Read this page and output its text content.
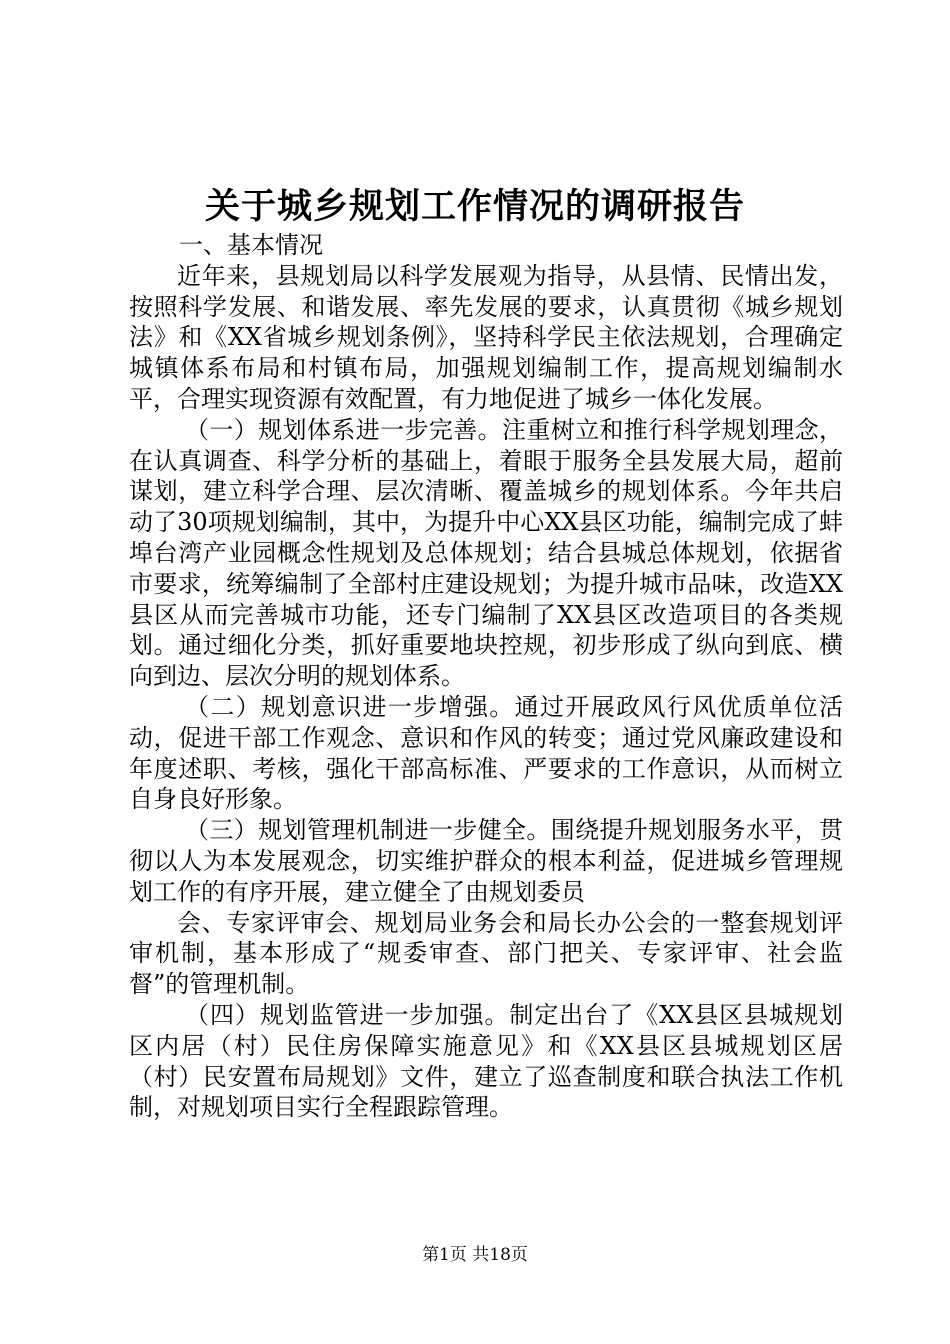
关于城乡规划工作情况的调研报告

一、基本情况

近年来，县规划局以科学发展观为指导，从县情、民情出发，按照科学发展、和谐发展、率先发展的要求，认真贯彻《城乡规划法》和《XX省城乡规划条例》，坚持科学民主依法规划，合理确定城镇体系布局和村镇布局，加强规划编制工作，提高规划编制水平，合理实现资源有效配置，有力地促进了城乡一体化发展。

（一）规划体系进一步完善。注重树立和推行科学规划理念，在认真调查、科学分析的基础上，着眼于服务全县发展大局，超前谋划，建立科学合理、层次清晰、覆盖城乡的规划体系。今年共启动了30项规划编制，其中，为提升中心XX县区功能，编制完成了蚌埠台湾产业园概念性规划及总体规划；结合县城总体规划，依据省市要求，统筹编制了全部村庄建设规划；为提升城市品味，改造XX县区从而完善城市功能，还专门编制了XX县区改造项目的各类规划。通过细化分类，抓好重要地块控规，初步形成了纵向到底、横向到边、层次分明的规划体系。

（二）规划意识进一步增强。通过开展政风行风优质单位活动，促进干部工作观念、意识和作风的转变；通过党风廉政建设和年度述职、考核，强化干部高标准、严要求的工作意识，从而树立自身良好形象。

（三）规划管理机制进一步健全。围绕提升规划服务水平，贯彻以人为本发展观念，切实维护群众的根本利益，促进城乡管理规划工作的有序开展，建立健全了由规划委员

会、专家评审会、规划局业务会和局长办公会的一整套规划评审机制，基本形成了“规委审查、部门把关、专家评审、社会监督”的管理机制。

（四）规划监管进一步加强。制定出台了《XX县区县城规划区内居（村）民住房保障实施意见》和《XX县区县城规划区居（村）民安置布局规划》文件，建立了巡查制度和联合执法工作机制，对规划项目实行全程跟踪管理。

第1页 共18页
